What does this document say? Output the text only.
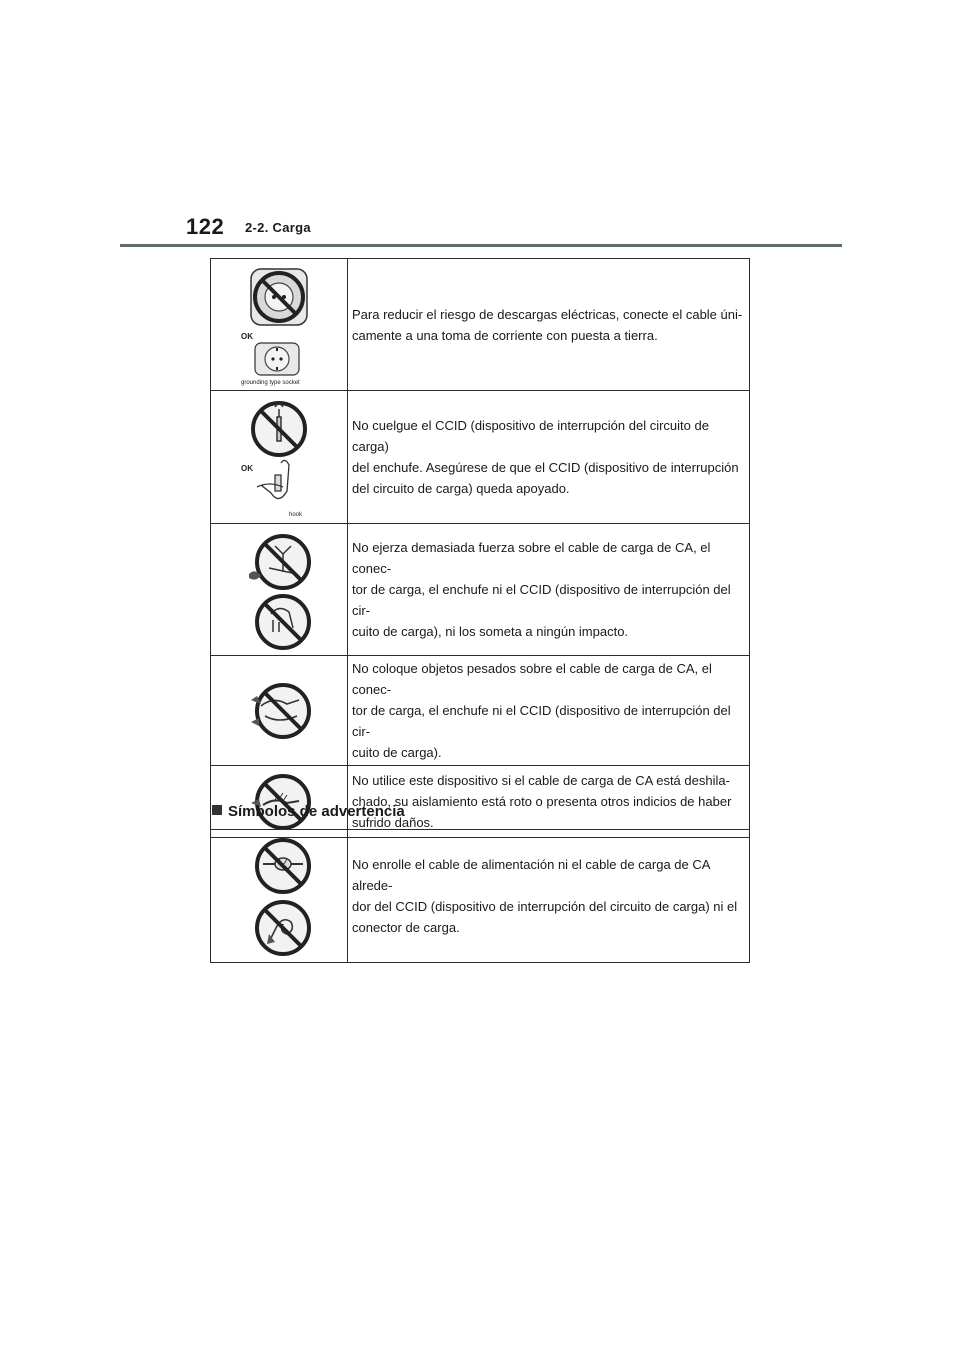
122 2-2. Carga
OK
grounding type socket	Para reducir el riesgo de descargas eléctricas, conecte el cable úni-
camente a una toma de corriente con puesta a tierra.

OK
hook	No cuelgue el CCID (dispositivo de interrupción del circuito de carga)
del enchufe. Asegúrese de que el CCID (dispositivo de interrupción
del circuito de carga) queda apoyado.

	No ejerza demasiada fuerza sobre el cable de carga de CA, el conec-
tor de carga, el enchufe ni el CCID (dispositivo de interrupción del cir-
cuito de carga), ni los someta a ningún impacto.

	No coloque objetos pesados sobre el cable de carga de CA, el conec-
tor de carga, el enchufe ni el CCID (dispositivo de interrupción del cir-
cuito de carga).

	No utilice este dispositivo si el cable de carga de CA está deshila-
chado, su aislamiento está roto o presenta otros indicios de haber
sufrido daños.
Símbolos de advertencia
	No enrolle el cable de alimentación ni el cable de carga de CA alrede-
dor del CCID (dispositivo de interrupción del circuito de carga) ni el
conector de carga.
